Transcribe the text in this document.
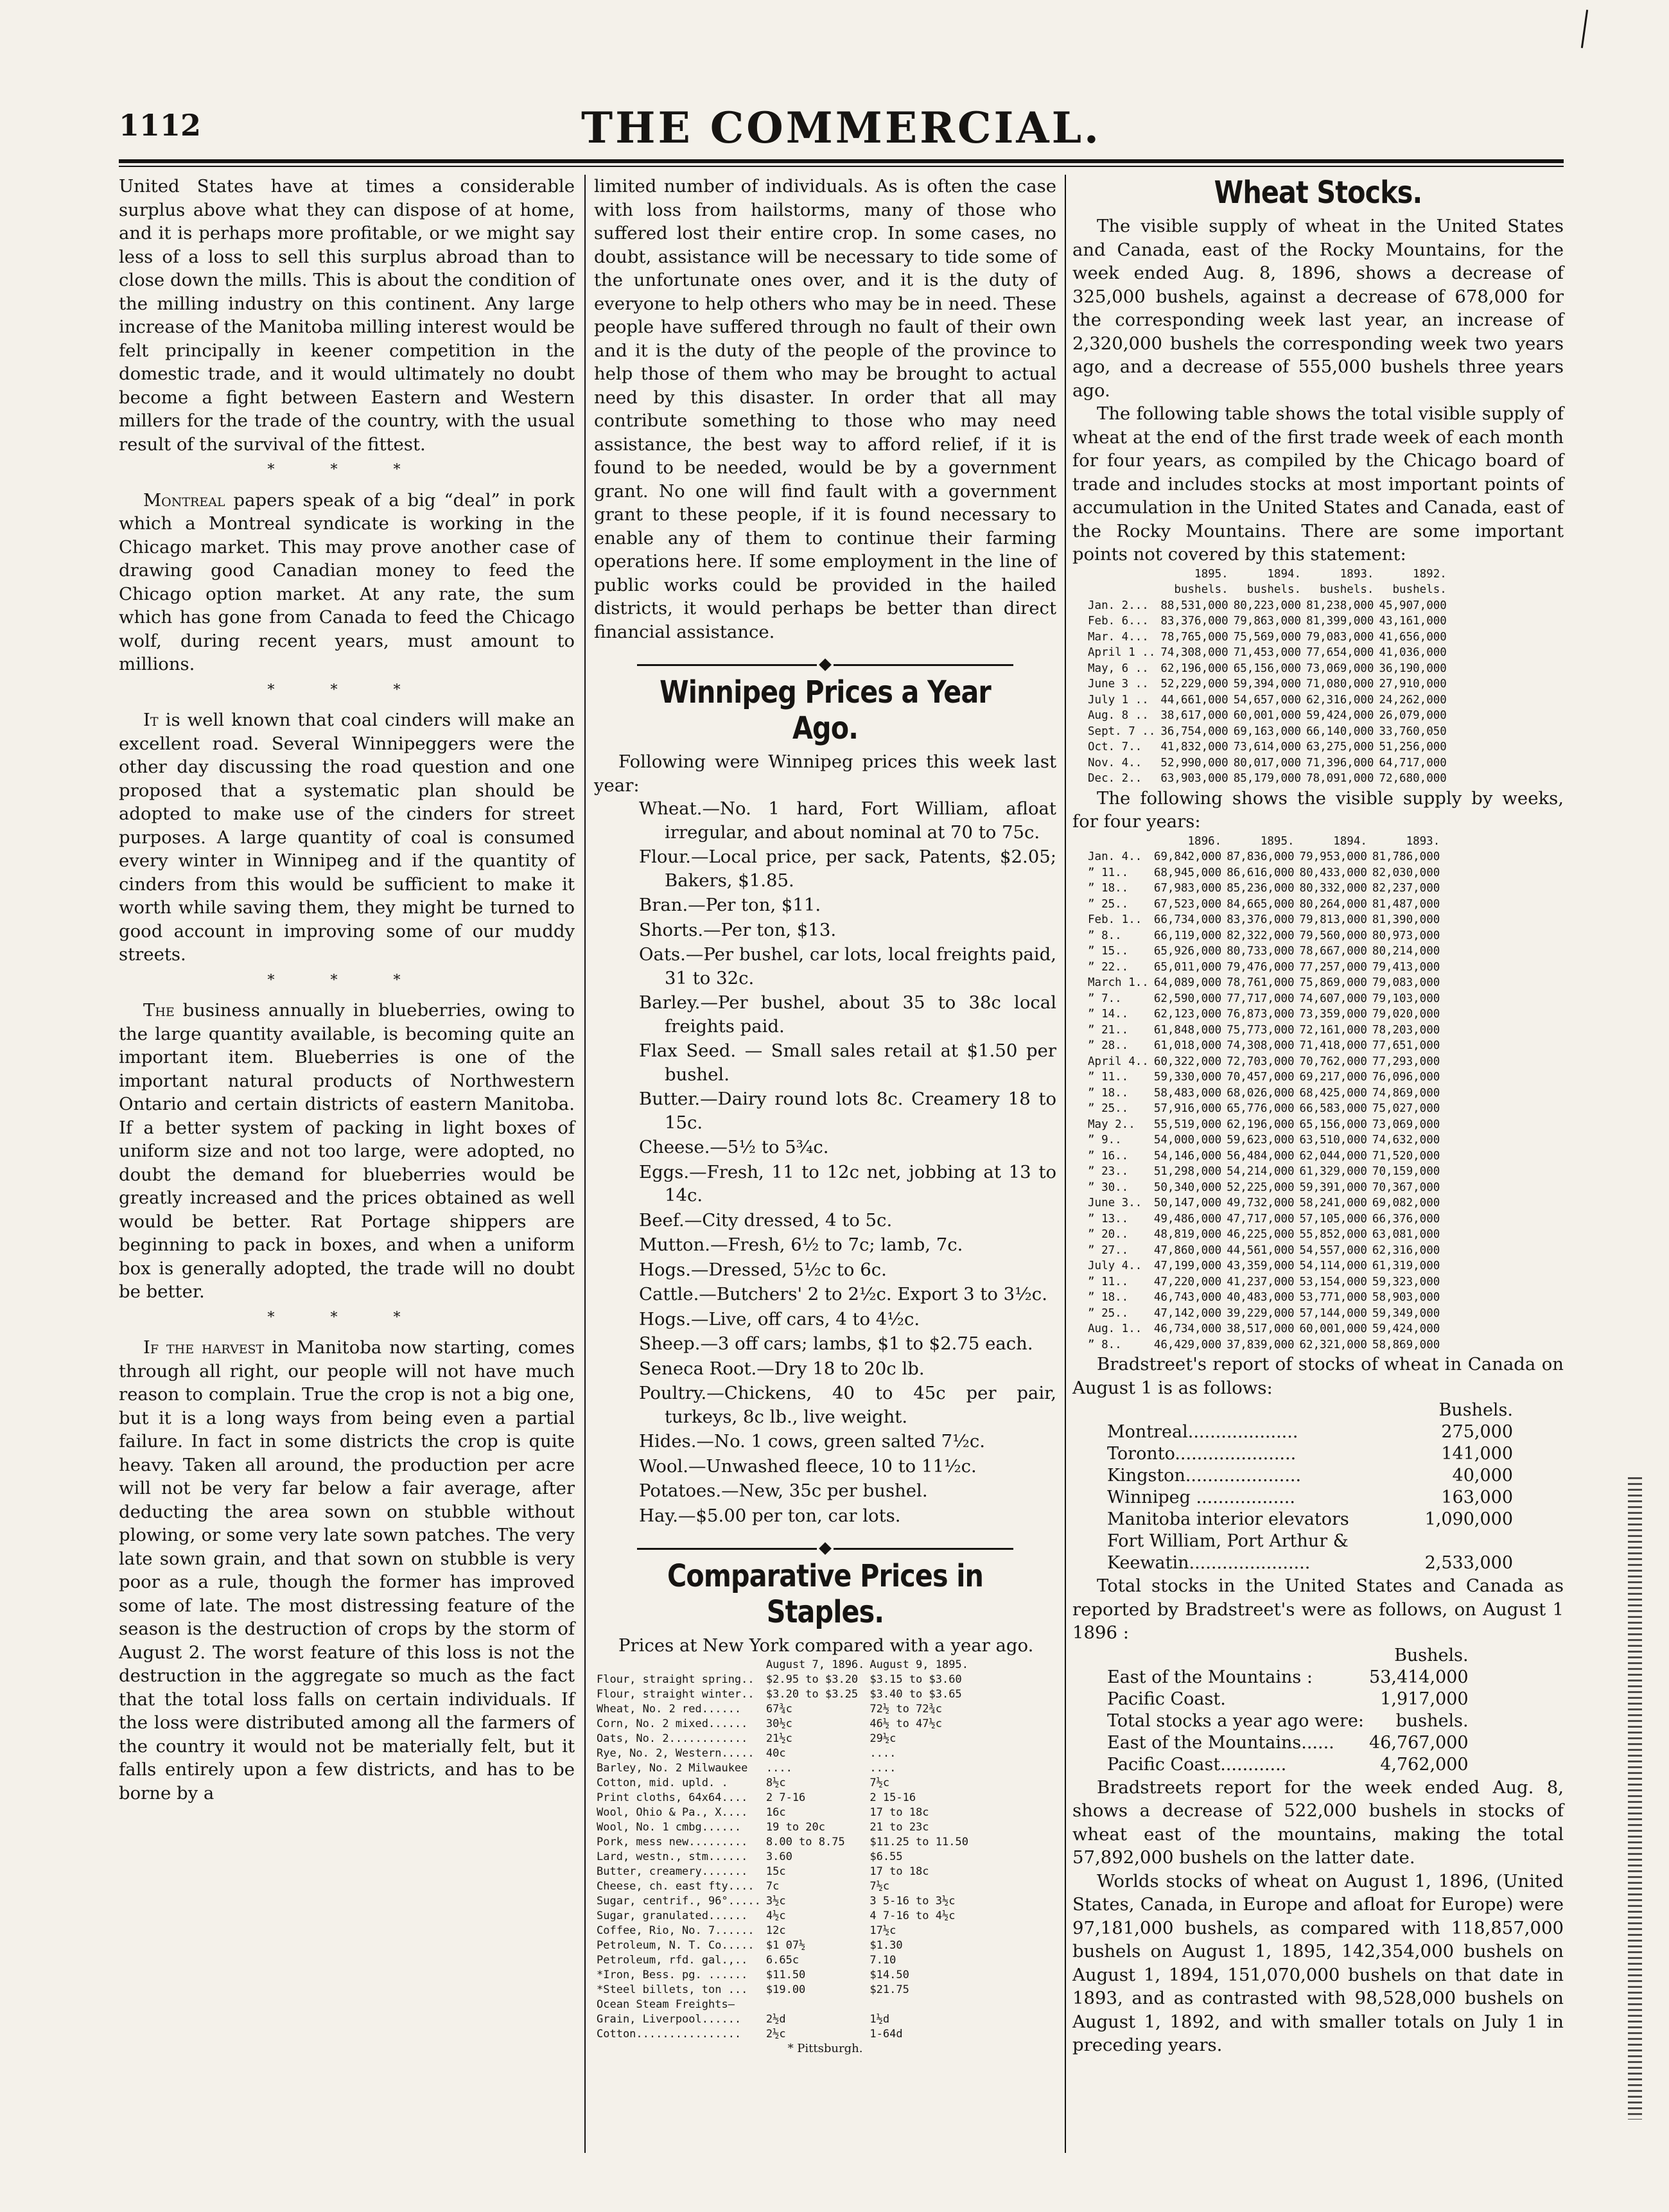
1112	THE COMMERCIAL.

United States have at times a considerable surplus above what they can dispose of at home, and it is perhaps more profitable, or we might say less of a loss to sell this surplus abroad than to close down the mills. This is about the condition of the milling industry on this continent. Any large increase of the Manitoba milling interest would be felt principally in keener competition in the domestic trade, and it would ultimately no doubt become a fight between Eastern and Western millers for the trade of the country, with the usual result of the survival of the fittest.

* * *

Montreal papers speak of a big “deal” in pork which a Montreal syndicate is working in the Chicago market. This may prove another case of drawing good Canadian money to feed the Chicago option market. At any rate, the sum which has gone from Canada to feed the Chicago wolf, during recent years, must amount to millions.

* * *

It is well known that coal cinders will make an excellent road. Several Winnipeggers were the other day discussing the road question and one proposed that a systematic plan should be adopted to make use of the cinders for street purposes. A large quantity of coal is consumed every winter in Winnipeg and if the quantity of cinders from this would be sufficient to make it worth while saving them, they might be turned to good account in improving some of our muddy streets.

* * *

The business annually in blueberries, owing to the large quantity available, is becoming quite an important item. Blueberries is one of the important natural products of Northwestern Ontario and certain districts of eastern Manitoba. If a better system of packing in light boxes of uniform size and not too large, were adopted, no doubt the demand for blueberries would be greatly increased and the prices obtained as well would be better. Rat Portage shippers are beginning to pack in boxes, and when a uniform box is generally adopted, the trade will no doubt be better.

* * *

If the harvest in Manitoba now starting, comes through all right, our people will not have much reason to complain. True the crop is not a big one, but it is a long ways from being even a partial failure. In fact in some districts the crop is quite heavy. Taken all around, the production per acre will not be very far below a fair average, after deducting the area sown on stubble without plowing, or some very late sown patches. The very late sown grain, and that sown on stubble is very poor as a rule, though the former has improved some of late. The most distressing feature of the season is the destruction of crops by the storm of August 2. The worst feature of this loss is not the destruction in the aggregate so much as the fact that the total loss falls on certain individuals. If the loss were distributed among all the farmers of the country it would not be materially felt, but it falls entirely upon a few districts, and has to be borne by a

limited number of individuals. As is often the case with loss from hailstorms, many of those who suffered lost their entire crop. In some cases, no doubt, assistance will be necessary to tide some of the unfortunate ones over, and it is the duty of everyone to help others who may be in need. These people have suffered through no fault of their own and it is the duty of the people of the province to help those of them who may be brought to actual need by this disaster. In order that all may contribute something to those who may need assistance, the best way to afford relief, if it is found to be needed, would be by a government grant. No one will find fault with a government grant to these people, if it is found necessary to enable any of them to continue their farming operations here. If some employment in the line of public works could be provided in the hailed districts, it would perhaps be better than direct financial assistance.

Winnipeg Prices a Year Ago.

Following were Winnipeg prices this week last year:

Wheat.—No. 1 hard, Fort William, afloat irregular, and about nominal at 70 to 75c.

Flour.—Local price, per sack, Patents, $2.05; Bakers, $1.85.

Bran.—Per ton, $11.

Shorts.—Per ton, $13.

Oats.—Per bushel, car lots, local freights paid, 31 to 32c.

Barley.—Per bushel, about 35 to 38c local freights paid.

Flax Seed. — Small sales retail at $1.50 per bushel.

Butter.—Dairy round lots 8c. Creamery 18 to 15c.

Cheese.—5½ to 5¾c.

Eggs.—Fresh, 11 to 12c net, jobbing at 13 to 14c.

Beef.—City dressed, 4 to 5c.

Mutton.—Fresh, 6½ to 7c; lamb, 7c.

Hogs.—Dressed, 5½c to 6c.

Cattle.—Butchers' 2 to 2½c. Export 3 to 3½c.

Hogs.—Live, off cars, 4 to 4½c.

Sheep.—3 off cars; lambs, $1 to $2.75 each.

Seneca Root.—Dry 18 to 20c lb.

Poultry.—Chickens, 40 to 45c per pair, turkeys, 8c lb., live weight.

Hides.—No. 1 cows, green salted 7½c.

Wool.—Unwashed fleece, 10 to 11½c.

Potatoes.—New, 35c per bushel.

Hay.—$5.00 per ton, car lots.

Comparative Prices in Staples.

Prices at New York compared with a year ago.

	August 7, 1896.	August 9, 1895.
Flour, straight spring..	$2.95 to $3.20	$3.15 to $3.60
Flour, straight winter..	$3.20 to $3.25	$3.40 to $3.65
Wheat, No. 2 red......	67¾c	72½ to 72¾c
Corn, No. 2 mixed......	30½c	46½ to 47½c
Oats, No. 2............	21½c	29½c
Rye, No. 2, Western.....	40c	....
Barley, No. 2 Milwaukee	....	....
Cotton, mid. upld. .	8½c	7½c
Print cloths, 64x64....	2 7-16	2 15-16
Wool, Ohio & Pa., X....	16c	17 to 18c
Wool, No. 1 cmbg......	19 to 20c	21 to 23c
Pork, mess new.........	8.00 to 8.75	$11.25 to 11.50
Lard, westn., stm......	3.60	$6.55
Butter, creamery.......	15c	17 to 18c
Cheese, ch. east fty....	7c	7½c
Sugar, centrif., 96°.....	3½c	3 5-16 to 3½c
Sugar, granulated......	4½c	4 7-16 to 4½c
Coffee, Rio, No. 7......	12c	17½c
Petroleum, N. T. Co.....	$1 07½	$1.30
Petroleum, rfd. gal.,..	6.65c	7.10
*Iron, Bess. pg. ......	$11.50	$14.50
*Steel billets, ton ...	$19.00	$21.75
Ocean Steam Freights—		
Grain, Liverpool......	2½d	1½d
Cotton................	2½c	1-64d
* Pittsburgh.
Wheat Stocks.

The visible supply of wheat in the United States and Canada, east of the Rocky Mountains, for the week ended Aug. 8, 1896, shows a decrease of 325,000 bushels, against a decrease of 678,000 for the corresponding week last year, an increase of 2,320,000 bushels the corresponding week two years ago, and a decrease of 555,000 bushels three years ago.

The following table shows the total visible supply of wheat at the end of the first trade week of each month for four years, as compiled by the Chicago board of trade and includes stocks at most important points of accumulation in the United States and Canada, east of the Rocky Mountains. There are some important points not covered by this statement:

	1895.	1894.	1893.	1892.
	bushels.	bushels.	bushels.	bushels.
Jan. 2...	88,531,000	80,223,000	81,238,000	45,907,000
Feb. 6...	83,376,000	79,863,000	81,399,000	43,161,000
Mar. 4...	78,765,000	75,569,000	79,083,000	41,656,000
April 1 ..	74,308,000	71,453,000	77,654,000	41,036,000
May, 6 ..	62,196,000	65,156,000	73,069,000	36,190,000
June 3 ..	52,229,000	59,394,000	71,080,000	27,910,000
July 1 ..	44,661,000	54,657,000	62,316,000	24,262,000
Aug. 8 ..	38,617,000	60,001,000	59,424,000	26,079,000
Sept. 7 ..	36,754,000	69,163,000	66,140,000	33,760,050
Oct. 7..	41,832,000	73,614,000	63,275,000	51,256,000
Nov. 4..	52,990,000	80,017,000	71,396,000	64,717,000
Dec. 2..	63,903,000	85,179,000	78,091,000	72,680,000

The following shows the visible supply by weeks, for four years:

	1896.	1895.	1894.	1893.
Jan. 4..	69,842,000	87,836,000	79,953,000	81,786,000
” 11..	68,945,000	86,616,000	80,433,000	82,030,000
” 18..	67,983,000	85,236,000	80,332,000	82,237,000
” 25..	67,523,000	84,665,000	80,264,000	81,487,000
Feb. 1..	66,734,000	83,376,000	79,813,000	81,390,000
” 8..	66,119,000	82,322,000	79,560,000	80,973,000
” 15..	65,926,000	80,733,000	78,667,000	80,214,000
” 22..	65,011,000	79,476,000	77,257,000	79,413,000
March 1..	64,089,000	78,761,000	75,869,000	79,083,000
” 7..	62,590,000	77,717,000	74,607,000	79,103,000
” 14..	62,123,000	76,873,000	73,359,000	79,020,000
” 21..	61,848,000	75,773,000	72,161,000	78,203,000
” 28..	61,018,000	74,308,000	71,418,000	77,651,000
April 4..	60,322,000	72,703,000	70,762,000	77,293,000
” 11..	59,330,000	70,457,000	69,217,000	76,096,000
” 18..	58,483,000	68,026,000	68,425,000	74,869,000
” 25..	57,916,000	65,776,000	66,583,000	75,027,000
May 2..	55,519,000	62,196,000	65,156,000	73,069,000
” 9..	54,000,000	59,623,000	63,510,000	74,632,000
” 16..	54,146,000	56,484,000	62,044,000	71,520,000
” 23..	51,298,000	54,214,000	61,329,000	70,159,000
” 30..	50,340,000	52,225,000	59,391,000	70,367,000
June 3..	50,147,000	49,732,000	58,241,000	69,082,000
” 13..	49,486,000	47,717,000	57,105,000	66,376,000
” 20..	48,819,000	46,225,000	55,852,000	63,081,000
” 27..	47,860,000	44,561,000	54,557,000	62,316,000
July 4..	47,199,000	43,359,000	54,114,000	61,319,000
” 11..	47,220,000	41,237,000	53,154,000	59,323,000
” 18..	46,743,000	40,483,000	53,771,000	58,903,000
” 25..	47,142,000	39,229,000	57,144,000	59,349,000
Aug. 1..	46,734,000	38,517,000	60,001,000	59,424,000
” 8..	46,429,000	37,839,000	62,321,000	58,869,000

Bradstreet's report of stocks of wheat in Canada on August 1 is as follows:

	Bushels.
Montreal....................	275,000
Toronto......................	141,000
Kingston.....................	40,000
Winnipeg ..................	163,000
Manitoba interior elevators	1,090,000
Fort William, Port Arthur &	
Keewatin......................	2,533,000

Total stocks in the United States and Canada as reported by Bradstreet's were as follows, on August 1 1896 :

	Bushels.
East of the Mountains :	53,414,000
Pacific Coast.	1,917,000
Total stocks a year ago were:	bushels.
East of the Mountains......	46,767,000
Pacific Coast............	4,762,000

Bradstreets report for the week ended Aug. 8, shows a decrease of 522,000 bushels in stocks of wheat east of the mountains, making the total 57,892,000 bushels on the latter date.

Worlds stocks of wheat on August 1, 1896, (United States, Canada, in Europe and afloat for Europe) were 97,181,000 bushels, as compared with 118,857,000 bushels on August 1, 1895, 142,354,000 bushels on August 1, 1894, 151,070,000 bushels on that date in 1893, and as contrasted with 98,528,000 bushels on August 1, 1892, and with smaller totals on July 1 in preceding years.
